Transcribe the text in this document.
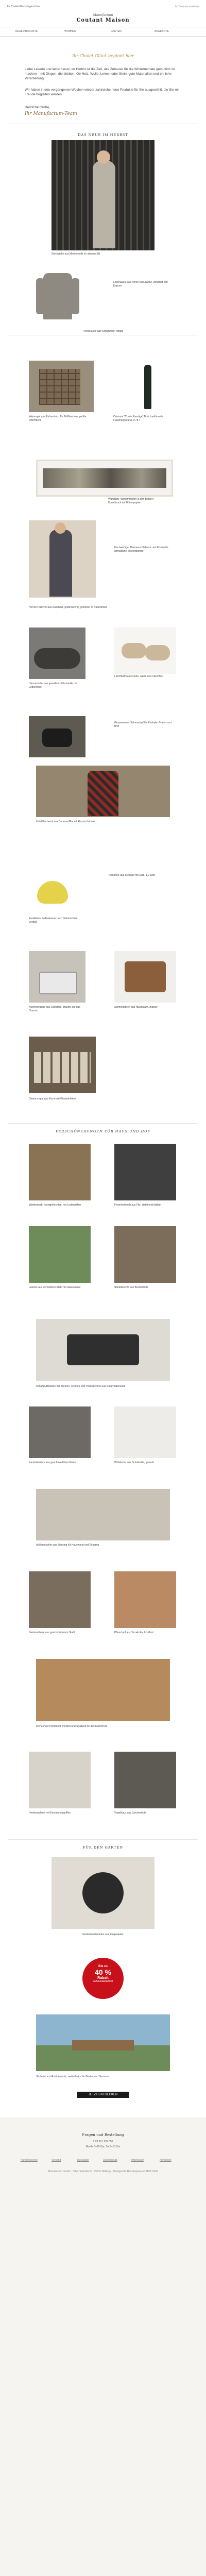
Ihr Chalet-Glück beginnt hier	Im Browser ansehen
Manufactum
Coutant Maison
NEUE PRODUKTE	WOHNEN	GARTEN	ANGEBOTE
Ihr Chalet-Glück beginnt hier
Liebe Leserin und lieber Leser, im Herbst ist die Zeit, das Zuhause für die Wintermonate gemütlich zu machen – mit Dingen, die bleiben. Ob Holz, Wolle, Leinen oder Stein: gute Materialien und ehrliche Verarbeitung.
Wir haben in den vergangenen Wochen wieder zahlreiche neue Produkte für Sie ausgewählt, die Sie mit Freude begleiten werden.
Herzliche Grüße,
Ihr Manufactum-Team
DAS NEUE IM HERBST
Strickjacke aus Merinowolle im alpinen Stil
Lodenjacke aus reiner Schurwolle, gefüttert, mit Kapuze
Fleecejacke aus Schurwolle, robust
Weinregal aus Eichenholz, für 24 Flaschen, geölte Oberfläche
Crémant "Cuvée Prestige" Brut, traditionelle Flaschengärung, 0,75 l
Wandbild "Wintermorgen in den Bergen" – Kunstdruck auf Büttenpapier
Hochwertiger Daunenschlafsack und Kissen für gemütliche Winterabende
Herren-Pullover aus Kaschmir, grobmaschig gestrickt, in Naturfarben
Hausschuhe aus gewalkter Schurwolle mit Ledersohle
Lammfellhausschuhe, warm und rutschfest
Gusseiserner Schmortopf für Eintöpfe, Braten und Brot
Holzfällerhemd aus Baumwollflanell, klassisch kariert
Teekanne aus Steingut mit Sieb, 1,2 Liter
Emaillierte Kaffeekanne nach historischem Vorbild
Küchenwaage aus Edelstahl, präzise auf das Gramm
Schneidebrett aus Nussbaum, massiv
Gewürzregal aus Eiche mit Glasbehältern
VERSCHÖNERUNGEN FÜR HAUS UND HOF
Weidenkorb, handgeflochten, mit Ledergriffen	Feuerholzkorb aus Filz, stabil und faltbar
Laterne aus verzinktem Stahl mit Glaseinsatz	Stiefelknecht aus Buchenholz
Schuhputzkasten mit Bürsten, Cremes und Poliertüchern aus Naturmaterialien
Kaminbesteck aus geschmiedetem Eisen	Wolldecke aus Schafwolle, gewebt
Außenleuchte aus Messing für Hauswand und Eingang
Gartenschere aus geschmiedetem Stahl	Pflanztopf aus Terrakotta, frostfest
Eichenholz-Hackblock mit Beil und Spaltkeil für das Kaminholz
Heckenschere mit Eschenholzgriffen	Vogelhaus aus Lärchenholz
FÜR DEN GARTEN
Gartenhandschuhe aus Ziegenleder
Bis zu
40 %
Rabatt
auf Auslaufartikel
Sitzbank aus Robinienholz, wetterfest – für Garten und Terrasse
JETZT ENTDECKEN
Fragen und Bestellung
0 23 09 / 939 050
Mo–Fr 8–20 Uhr, Sa 9–18 Uhr
Kundenservice	Versand	Rückgabe	Datenschutz	Impressum	Abmelden
Manufactum GmbH · Hiberniastraße 5 · 45731 Waltrop · Amtsgericht Recklinghausen HRB 2943
